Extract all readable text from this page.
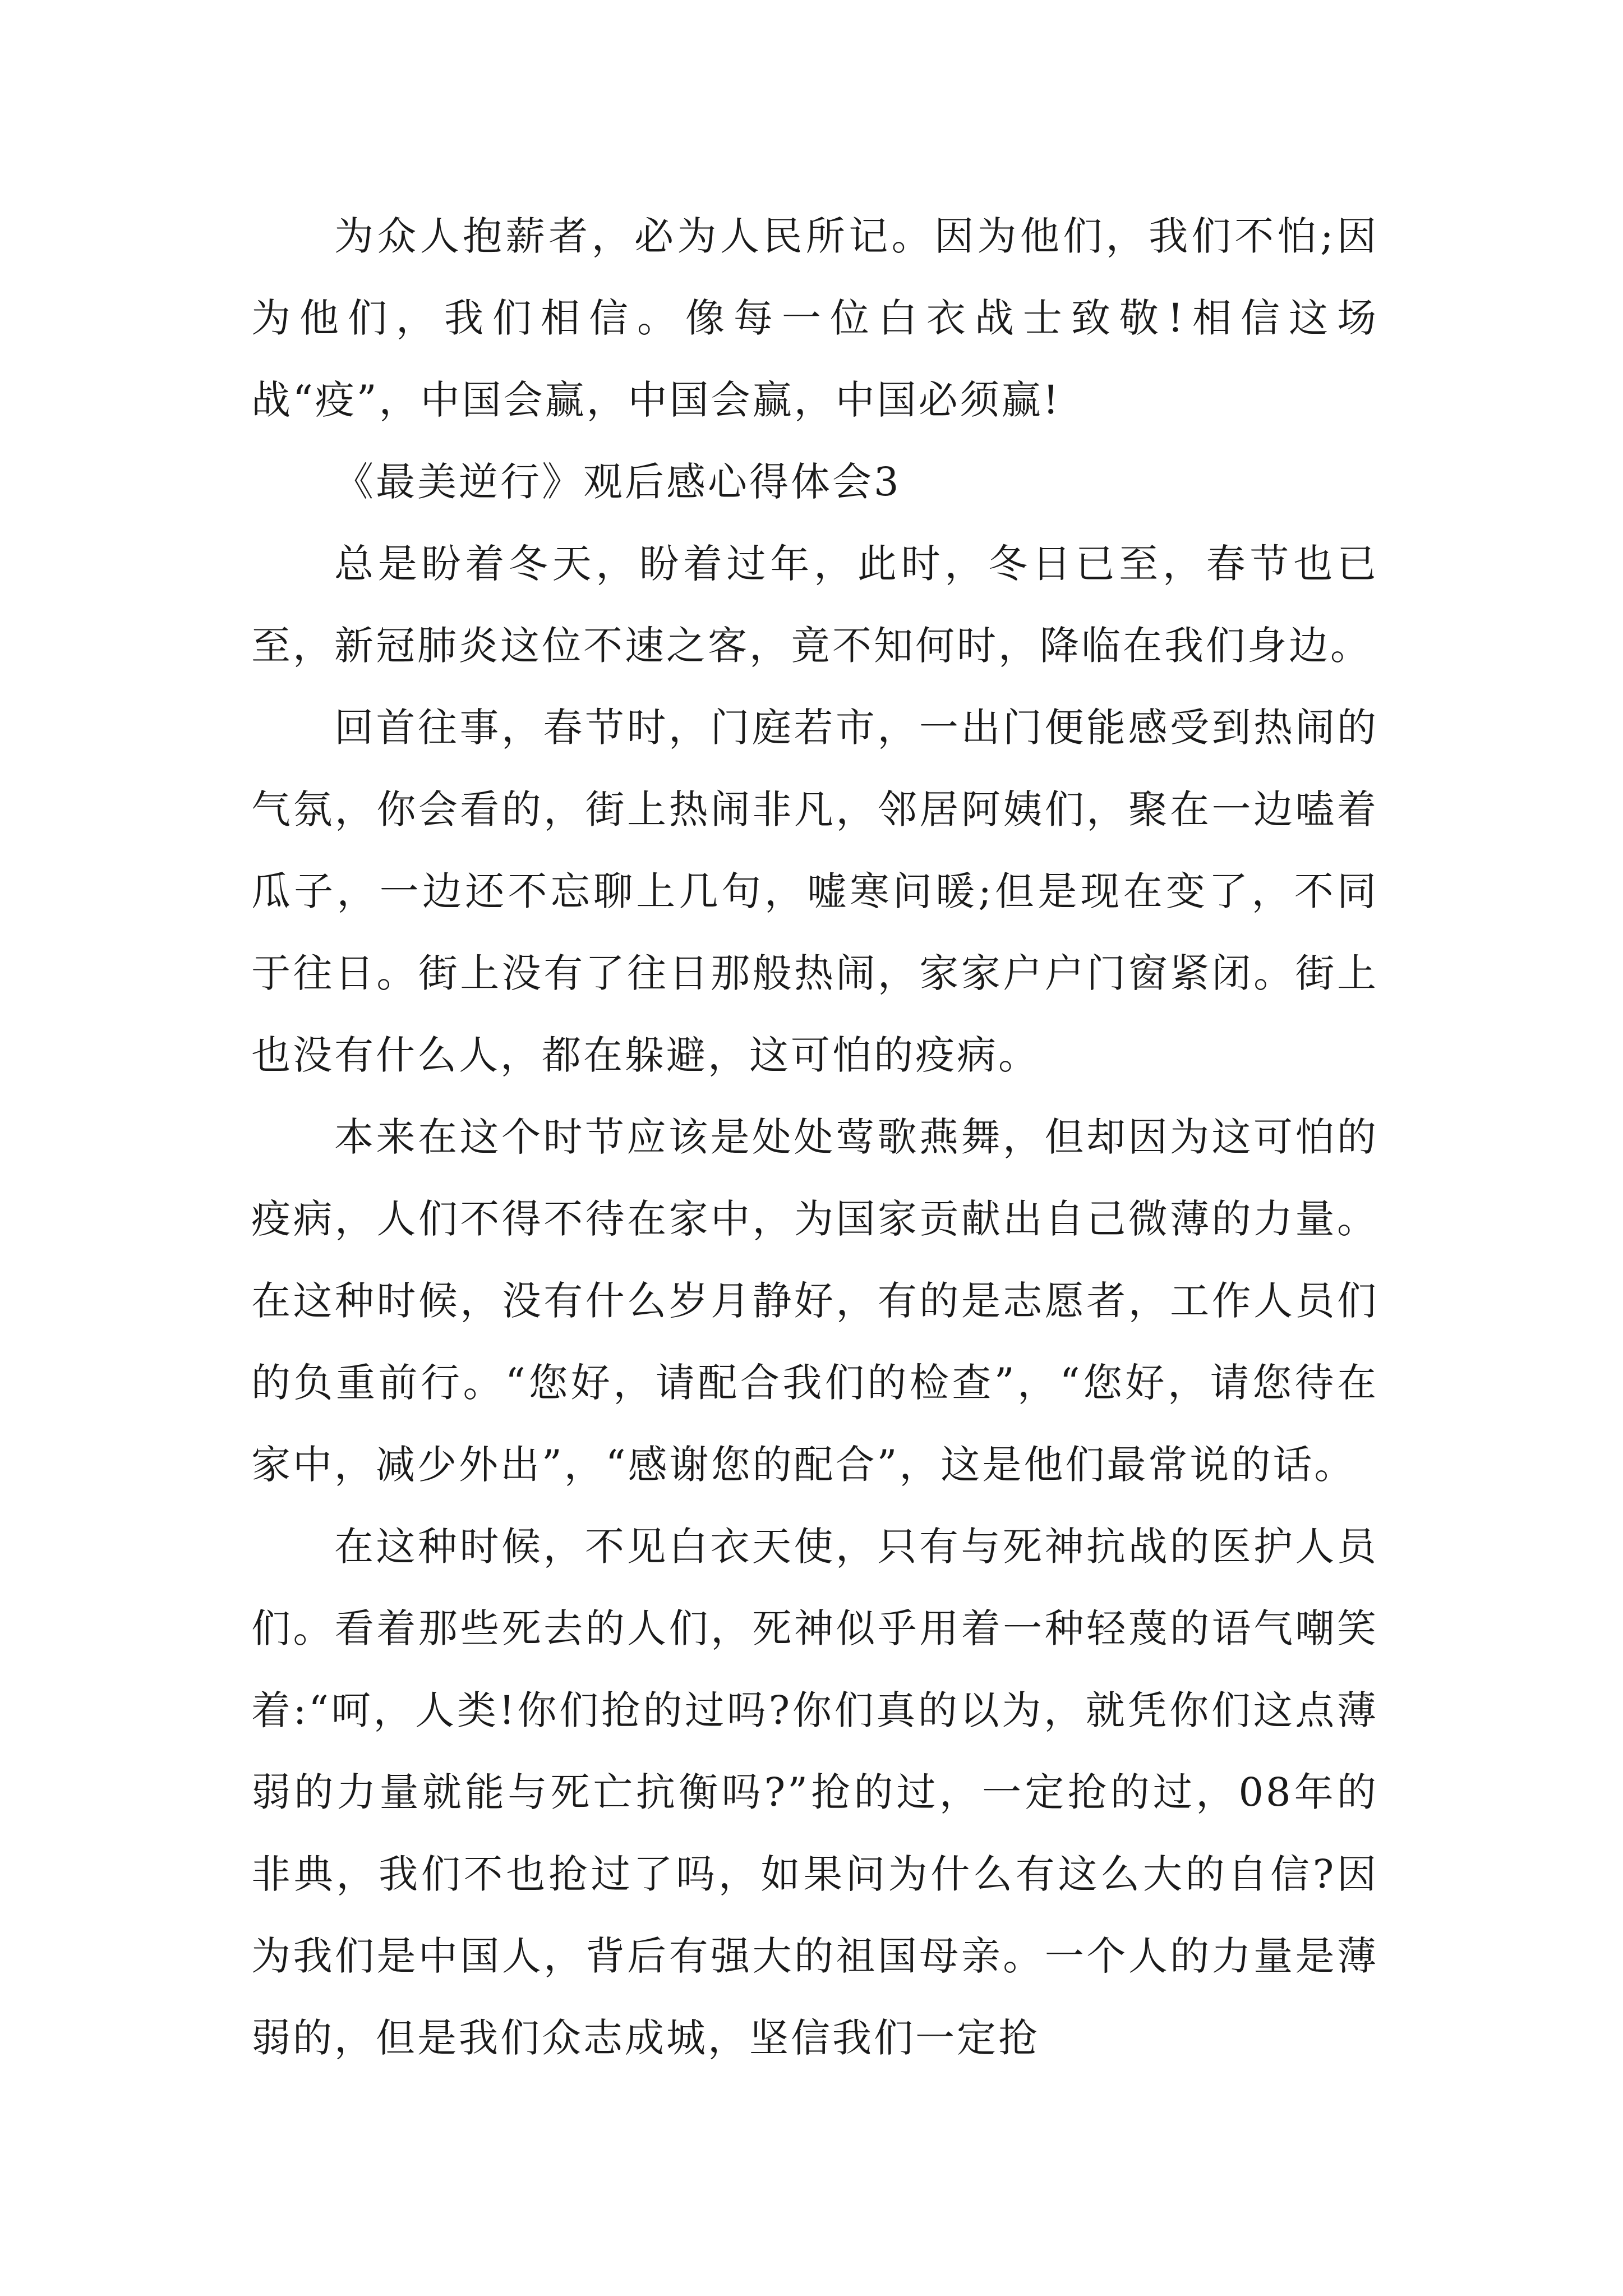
为众人抱薪者，必为人民所记。因为他们，我们不怕;因为他们，我们相信。像每一位白衣战士致敬!相信这场战“疫”，中国会赢，中国会赢，中国必须赢!

《最美逆行》观后感心得体会3

总是盼着冬天，盼着过年，此时，冬日已至，春节也已至，新冠肺炎这位不速之客，竟不知何时，降临在我们身边。

回首往事，春节时，门庭若市，一出门便能感受到热闹的气氛，你会看的，街上热闹非凡，邻居阿姨们，聚在一边嗑着瓜子，一边还不忘聊上几句，嘘寒问暖;但是现在变了，不同于往日。街上没有了往日那般热闹，家家户户门窗紧闭。街上也没有什么人，都在躲避，这可怕的疫病。

本来在这个时节应该是处处莺歌燕舞，但却因为这可怕的疫病，人们不得不待在家中，为国家贡献出自己微薄的力量。在这种时候，没有什么岁月静好，有的是志愿者，工作人员们的负重前行。“您好，请配合我们的检查”，“您好，请您待在家中，减少外出”，“感谢您的配合”，这是他们最常说的话。

在这种时候，不见白衣天使，只有与死神抗战的医护人员们。看着那些死去的人们，死神似乎用着一种轻蔑的语气嘲笑着:“呵，人类!你们抢的过吗?你们真的以为，就凭你们这点薄弱的力量就能与死亡抗衡吗?”抢的过，一定抢的过，08年的非典，我们不也抢过了吗，如果问为什么有这么大的自信?因为我们是中国人，背后有强大的祖国母亲。一个人的力量是薄弱的，但是我们众志成城，坚信我们一定抢
